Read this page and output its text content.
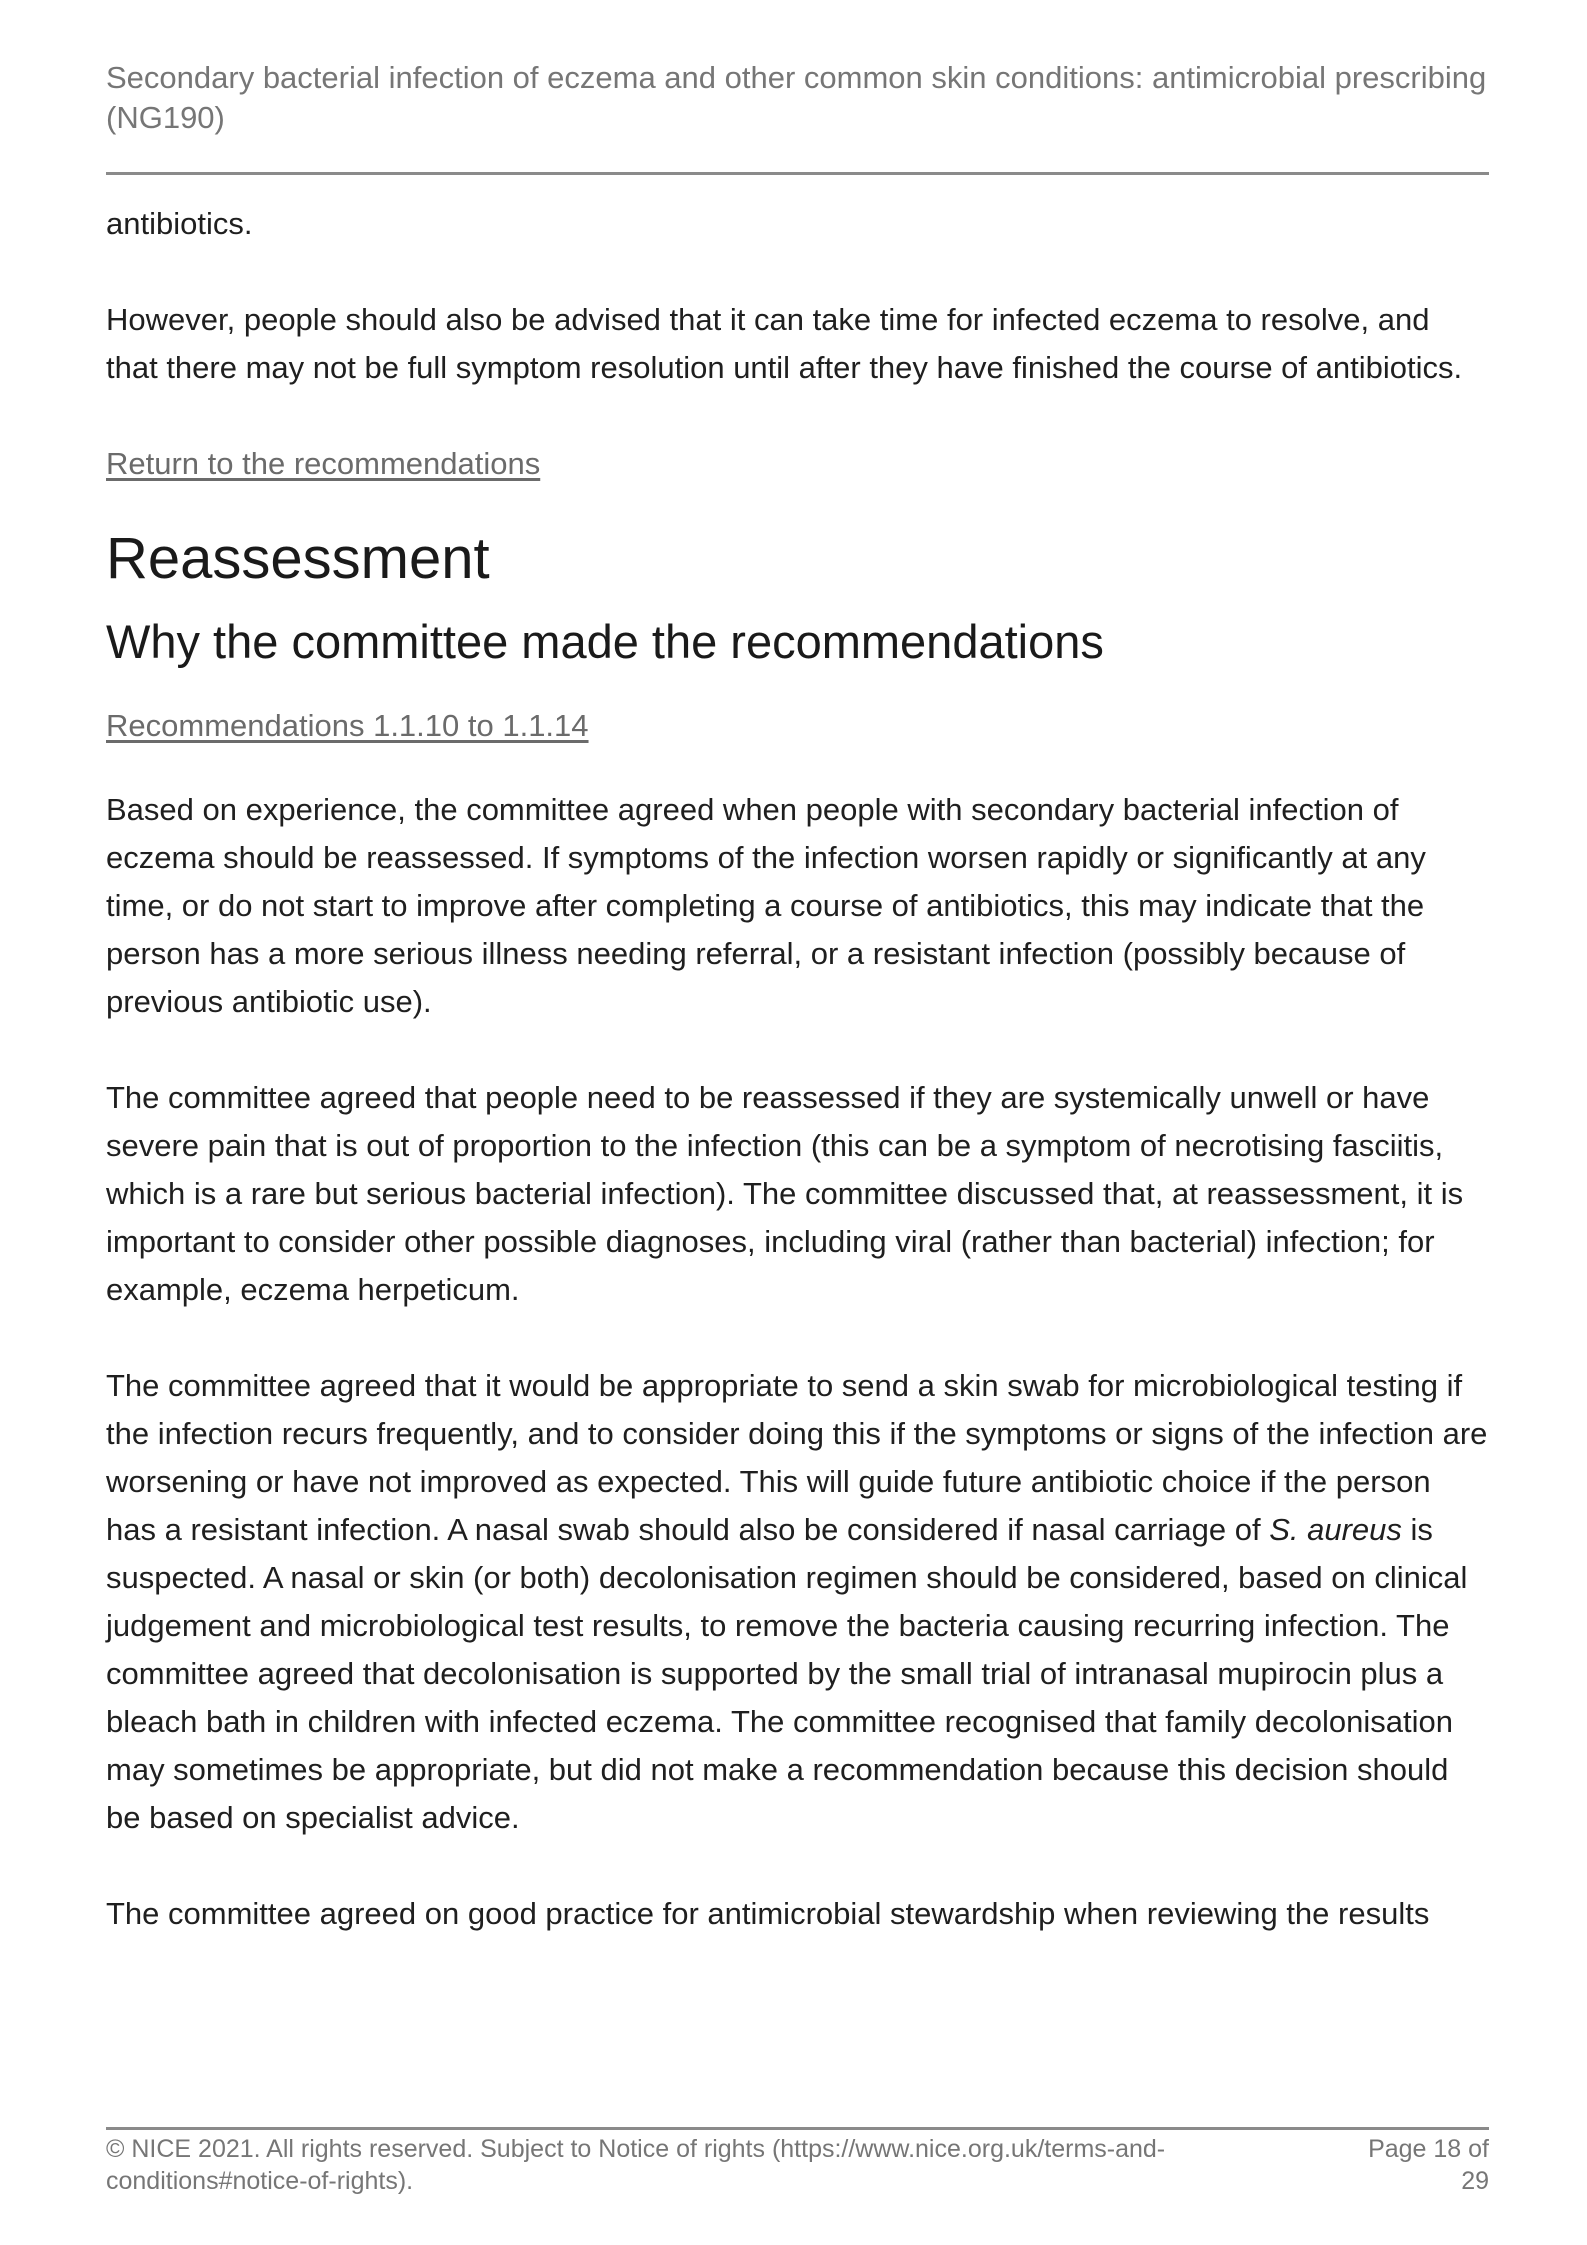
Secondary bacterial infection of eczema and other common skin conditions: antimicrobial prescribing (NG190)

antibiotics.

However, people should also be advised that it can take time for infected eczema to resolve, and that there may not be full symptom resolution until after they have finished the course of antibiotics.

Return to the recommendations
Reassessment
Why the committee made the recommendations
Recommendations 1.1.10 to 1.1.14

Based on experience, the committee agreed when people with secondary bacterial infection of eczema should be reassessed. If symptoms of the infection worsen rapidly or significantly at any time, or do not start to improve after completing a course of antibiotics, this may indicate that the person has a more serious illness needing referral, or a resistant infection (possibly because of previous antibiotic use).

The committee agreed that people need to be reassessed if they are systemically unwell or have severe pain that is out of proportion to the infection (this can be a symptom of necrotising fasciitis, which is a rare but serious bacterial infection). The committee discussed that, at reassessment, it is important to consider other possible diagnoses, including viral (rather than bacterial) infection; for example, eczema herpeticum.

The committee agreed that it would be appropriate to send a skin swab for microbiological testing if the infection recurs frequently, and to consider doing this if the symptoms or signs of the infection are worsening or have not improved as expected. This will guide future antibiotic choice if the person has a resistant infection. A nasal swab should also be considered if nasal carriage of S. aureus is suspected. A nasal or skin (or both) decolonisation regimen should be considered, based on clinical judgement and microbiological test results, to remove the bacteria causing recurring infection. The committee agreed that decolonisation is supported by the small trial of intranasal mupirocin plus a bleach bath in children with infected eczema. The committee recognised that family decolonisation may sometimes be appropriate, but did not make a recommendation because this decision should be based on specialist advice.

The committee agreed on good practice for antimicrobial stewardship when reviewing the results

© NICE 2021. All rights reserved. Subject to Notice of rights (https://www.nice.org.uk/terms-and-conditions#notice-of-rights).
Page 18 of 29
